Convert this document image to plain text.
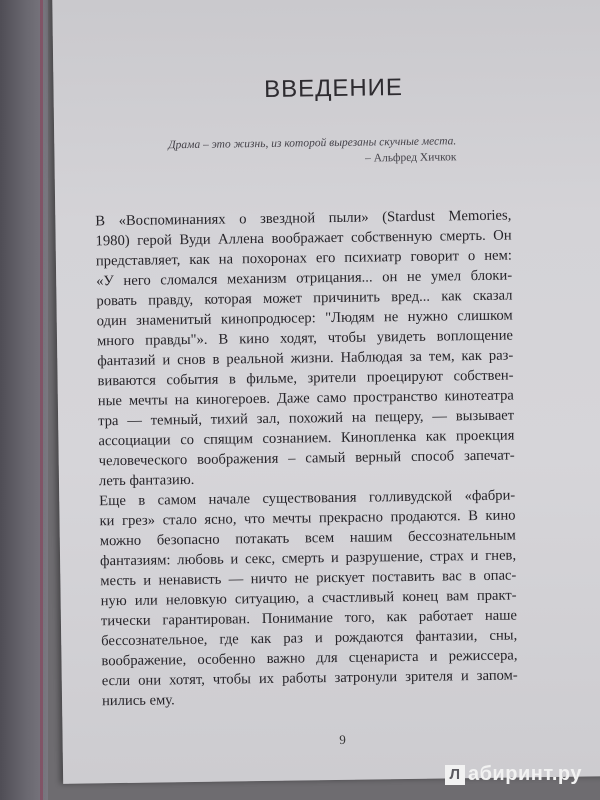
ВВЕДЕНИЕ
Драма – это жизнь, из которой вырезаны скучные места.
– Альфред Хичкок

В «Воспоминаниях о звездной пыли» (Stardust Memories,
1980) герой Вуди Аллена воображает собственную смерть. Он
представляет, как на похоронах его психиатр говорит о нем:
«У него сломался механизм отрицания... он не умел блоки-
ровать правду, которая может причинить вред... как сказал
один знаменитый кинопродюсер: "Людям не нужно слишком
много правды"». В кино ходят, чтобы увидеть воплощение
фантазий и снов в реальной жизни. Наблюдая за тем, как раз-
виваются события в фильме, зрители проецируют собствен-
ные мечты на киногероев. Даже само пространство кинотеатра
тра — темный, тихий зал, похожий на пещеру, — вызывает
ассоциации со спящим сознанием. Кинопленка как проекция
человеческого воображения – самый верный способ запечат-
леть фантазию.

Еще в самом начале существования голливудской «фабри-
ки грез» стало ясно, что мечты прекрасно продаются. В кино
можно безопасно потакать всем нашим бессознательным
фантазиям: любовь и секс, смерть и разрушение, страх и гнев,
месть и ненависть — ничто не рискует поставить вас в опас-
ную или неловкую ситуацию, а счастливый конец вам практ-
тически гарантирован. Понимание того, как работает наше
бессознательное, где как раз и рождаются фантазии, сны,
воображение, особенно важно для сценариста и режиссера,
если они хотят, чтобы их работы затронули зрителя и запом-
нились ему.

9
Л абиринт.ру
